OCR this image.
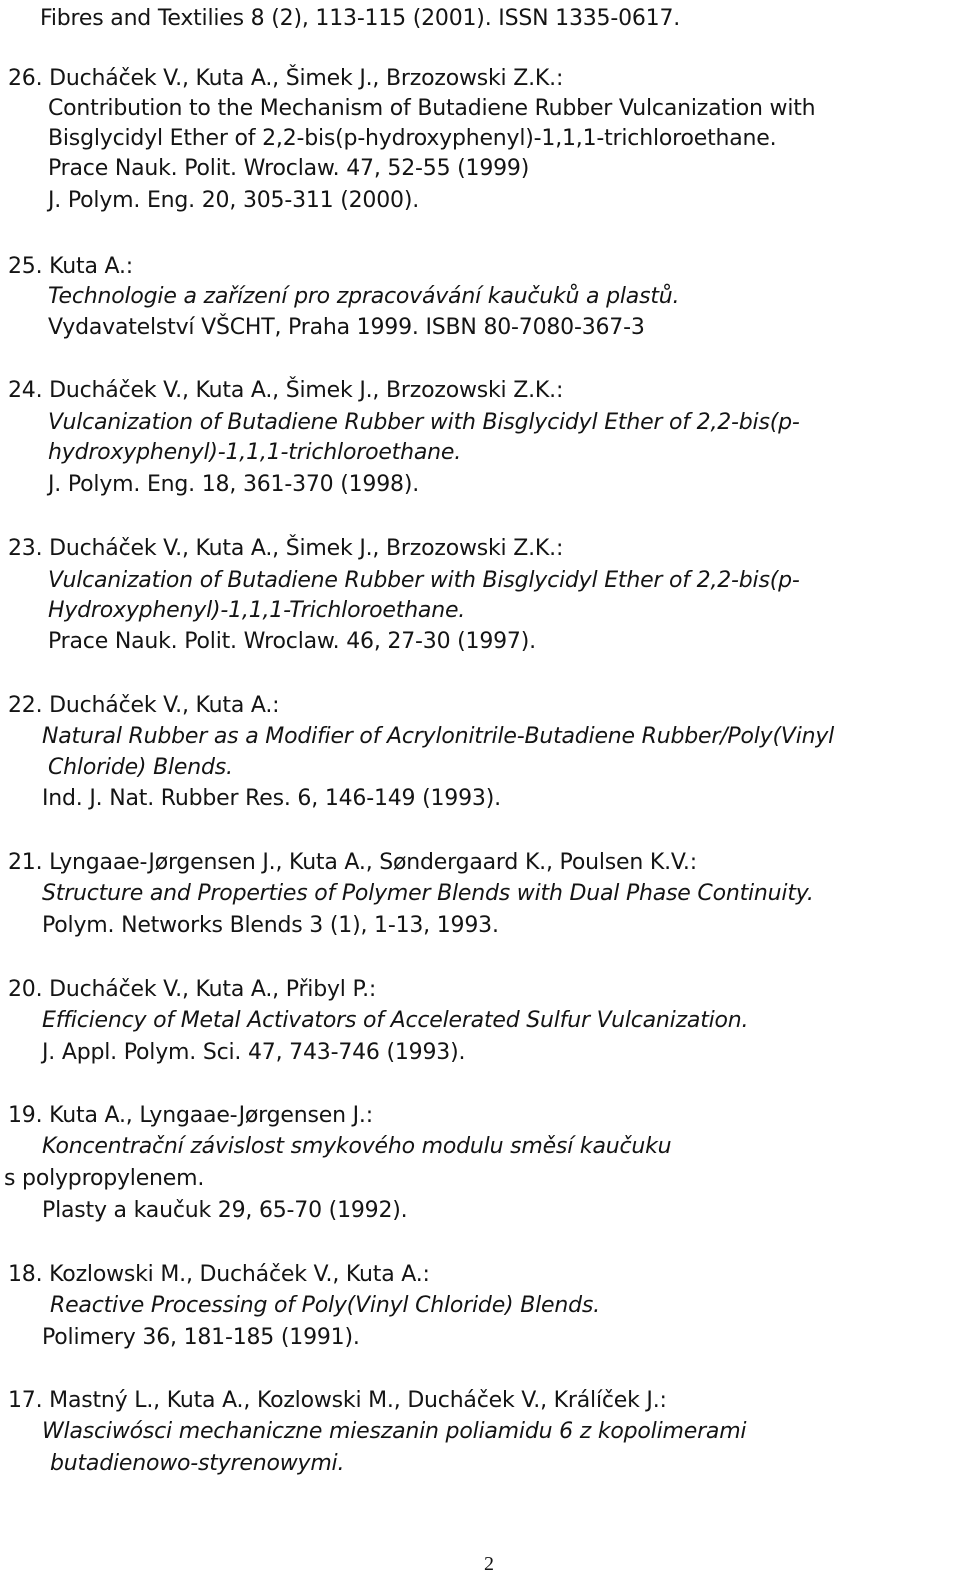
Fibres and Textilies 8 (2), 113-115 (2001). ISSN 1335-0617.
26. Ducháček V., Kuta A., Šimek J., Brzozowski Z.K.:
Contribution to the Mechanism of Butadiene Rubber Vulcanization with
Bisglycidyl Ether of 2,2-bis(p-hydroxyphenyl)-1,1,1-trichloroethane.
Prace Nauk. Polit. Wroclaw. 47, 52-55 (1999)
J. Polym. Eng. 20, 305-311 (2000).
25. Kuta A.:
Technologie a zařízení pro zpracovávání kaučuků a plastů.
Vydavatelství VŠCHT, Praha 1999. ISBN 80-7080-367-3
24. Ducháček V., Kuta A., Šimek J., Brzozowski Z.K.:
Vulcanization of Butadiene Rubber with Bisglycidyl Ether of 2,2-bis(p-
hydroxyphenyl)-1,1,1-trichloroethane.
J. Polym. Eng. 18, 361-370 (1998).
23. Ducháček V., Kuta A., Šimek J., Brzozowski Z.K.:
Vulcanization of Butadiene Rubber with Bisglycidyl Ether of 2,2-bis(p-
Hydroxyphenyl)-1,1,1-Trichloroethane.
Prace Nauk. Polit. Wroclaw. 46, 27-30 (1997).
22. Ducháček V., Kuta A.:
Natural Rubber as a Modifier of Acrylonitrile-Butadiene Rubber/Poly(Vinyl
Chloride) Blends.
Ind. J. Nat. Rubber Res. 6, 146-149 (1993).
21. Lyngaae-Jørgensen J., Kuta A., Søndergaard K., Poulsen K.V.:
Structure and Properties of Polymer Blends with Dual Phase Continuity.
Polym. Networks Blends 3 (1), 1-13, 1993.
20. Ducháček V., Kuta A., Přibyl P.:
Efficiency of Metal Activators of Accelerated Sulfur Vulcanization.
J. Appl. Polym. Sci. 47, 743-746 (1993).
19. Kuta A., Lyngaae-Jørgensen J.:
Koncentrační závislost smykového modulu směsí kaučuku
s polypropylenem.
Plasty a kaučuk 29, 65-70 (1992).
18. Kozlowski M., Ducháček V., Kuta A.:
Reactive Processing of Poly(Vinyl Chloride) Blends.
Polimery 36, 181-185 (1991).
17. Mastný L., Kuta A., Kozlowski M., Ducháček V., Králíček J.:
Wlasciwósci mechaniczne mieszanin poliamidu 6 z kopolimerami
butadienowo-styrenowymi.
2
